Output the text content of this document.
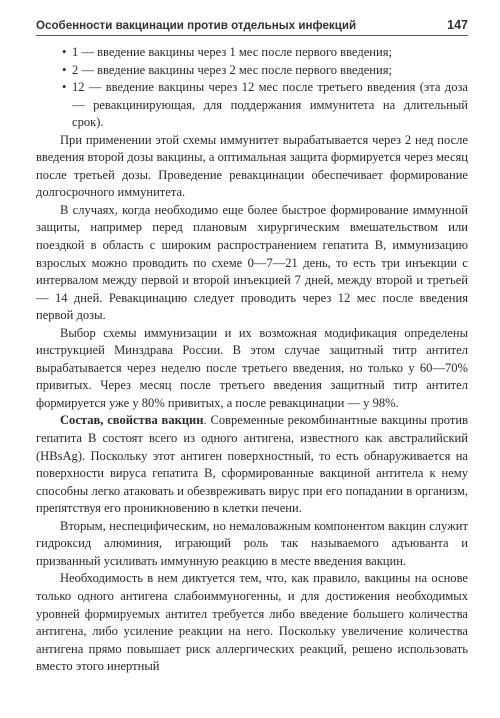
Особенности вакцинации против отдельных инфекций	147
• 1 — введение вакцины через 1 мес после первого введения;
• 2 — введение вакцины через 2 мес после первого введения;
• 12 — введение вакцины через 12 мес после третьего введения (эта доза — ревакцинирующая, для поддержания иммунитета на длительный срок).

При применении этой схемы иммунитет вырабатывается через 2 нед после введения второй дозы вакцины, а оптимальная защита формируется через месяц после третьей дозы. Проведение ревакцинации обеспечивает формирование долгосрочного иммунитета.

В случаях, когда необходимо еще более быстрое формирование иммунной защиты, например перед плановым хирургическим вмешательством или поездкой в область с широким распространением гепатита В, иммунизацию взрослых можно проводить по схеме 0—7—21 день, то есть три инъекции с интервалом между первой и второй инъекцией 7 дней, между второй и третьей — 14 дней. Ревакцинацию следует проводить через 12 мес после введения первой дозы.

Выбор схемы иммунизации и их возможная модификация определены инструкцией Минздрава России. В этом случае защитный титр антител вырабатывается через неделю после третьего введения, но только у 60—70% привитых. Через месяц после третьего введения защитный титр антител формируется уже у 80% привитых, а после ревакцинации — у 98%.

Состав, свойства вакцин. Современные рекомбинантные вакцины против гепатита В состоят всего из одного антигена, известного как австралийский (HBsAg). Поскольку этот антиген поверхностный, то есть обнаруживается на поверхности вируса гепатита В, сформированные вакциной антитела к нему способны легко атаковать и обезвреживать вирус при его попадании в организм, препятствуя его проникновению в клетки печени.

Вторым, неспецифическим, но немаловажным компонентом вакцин служит гидроксид алюминия, играющий роль так называемого адъюванта и призванный усиливать иммунную реакцию в месте введения вакцин.

Необходимость в нем диктуется тем, что, как правило, вакцины на основе только одного антигена слабоиммуногенны, и для достижения необходимых уровней формируемых антител требуется либо введение большего количества антигена, либо усиление реакции на него. Поскольку увеличение количества антигена прямо повышает риск аллергических реакций, решено использовать вместо этого инертный
